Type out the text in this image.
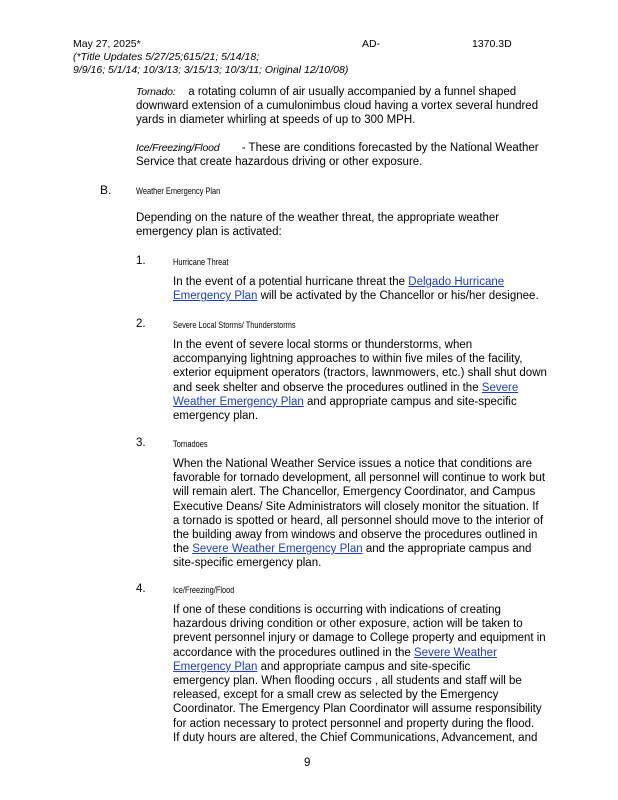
May 27, 2025*
(*Title Updates 5/27/25;615/21; 5/14/18;
9/9/16; 5/1/14; 10/3/13; 3/15/13; 10/3/11; Original 12/10/08)
AD-	1370.3D
Tornado: a rotating column of air usually accompanied by a funnel shaped
downward extension of a cumulonimbus cloud having a vortex several hundred
yards in diameter whirling at speeds of up to 300 MPH.
Ice/Freezing/Flood - These are conditions forecasted by the National Weather
Service that create hazardous driving or other exposure.
B.	Weather Emergency Plan
Depending on the nature of the weather threat, the appropriate weather
emergency plan is activated:
1.	Hurricane Threat
In the event of a potential hurricane threat the Delgado Hurricane
Emergency Plan will be activated by the Chancellor or his/her designee.
2.	Severe Local Storms/ Thunderstorms
In the event of severe local storms or thunderstorms, when
accompanying lightning approaches to within five miles of the facility,
exterior equipment operators (tractors, lawnmowers, etc.) shall shut down
and seek shelter and observe the procedures outlined in the Severe
Weather Emergency Plan and appropriate campus and site-specific
emergency plan.
3.	Tornadoes
When the National Weather Service issues a notice that conditions are
favorable for tornado development, all personnel will continue to work but
will remain alert. The Chancellor, Emergency Coordinator, and Campus
Executive Deans/ Site Administrators will closely monitor the situation. If
a tornado is spotted or heard, all personnel should move to the interior of
the building away from windows and observe the procedures outlined in
the Severe Weather Emergency Plan and the appropriate campus and
site-specific emergency plan.
4.	Ice/Freezing/Flood
If one of these conditions is occurring with indications of creating
hazardous driving condition or other exposure, action will be taken to
prevent personnel injury or damage to College property and equipment in
accordance with the procedures outlined in the Severe Weather
Emergency Plan and appropriate campus and site-specific
emergency plan. When flooding occurs , all students and staff will be
released, except for a small crew as selected by the Emergency
Coordinator. The Emergency Plan Coordinator will assume responsibility
for action necessary to protect personnel and property during the flood.
If duty hours are altered, the Chief Communications, Advancement, and
9
